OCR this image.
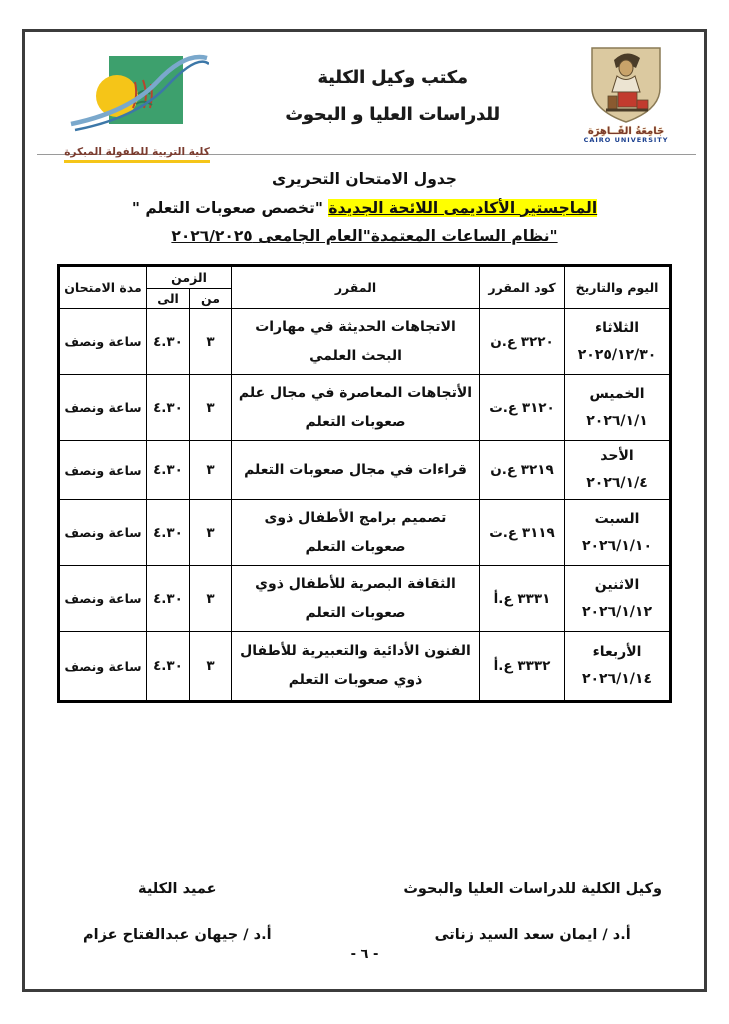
جَامِعَةُ القَــاهِرَة
CAIRO UNIVERSITY
مكتب وكيل الكلية
للدراسات العليا و البحوث
كلية التربية للطفولة المبكرة
جدول الامتحان التحريرى
الماجستير الأكاديمى اللائحة الجديدة "تخصص صعوبات التعلم "
"نظام الساعات المعتمدة"العام الجامعى ٢٠٢٦/٢٠٢٥
اليوم والتاريخ	كود المقرر	المقرر	الزمن		مدة الامتحان
			من	الى	

الثلاثاء
٢٠٢٥/١٢/٣٠	٣٢٢٠ ع.ن	الاتجاهات الحديثة في مهارات البحث العلمي	٣	٤.٣٠	ساعة ونصف

الخميس
٢٠٢٦/١/١	٣١٢٠ ع.ت	الأتجاهات المعاصرة في مجال علم صعوبات التعلم	٣	٤.٣٠	ساعة ونصف

الأحد
٢٠٢٦/١/٤	٣٢١٩ ع.ن	قراءات في مجال صعوبات التعلم	٣	٤.٣٠	ساعة ونصف

السبت
٢٠٢٦/١/١٠	٣١١٩ ع.ت	تصميم برامج الأطفال ذوى صعوبات التعلم	٣	٤.٣٠	ساعة ونصف

الاثنين
٢٠٢٦/١/١٢	٣٣٣١ ع.أ	الثقافة البصرية للأطفال ذوي صعوبات التعلم	٣	٤.٣٠	ساعة ونصف

الأربعاء
٢٠٢٦/١/١٤	٣٣٣٢ ع.أ	الفنون الأدائية والتعبيرية للأطفال ذوي صعوبات التعلم	٣	٤.٣٠	ساعة ونصف
وكيل الكلية للدراسات العليا والبحوث
أ.د / ايمان سعد السيد زناتى
عميد الكلية
أ.د / جيهان عبدالفتاح عزام
- ٦ -
